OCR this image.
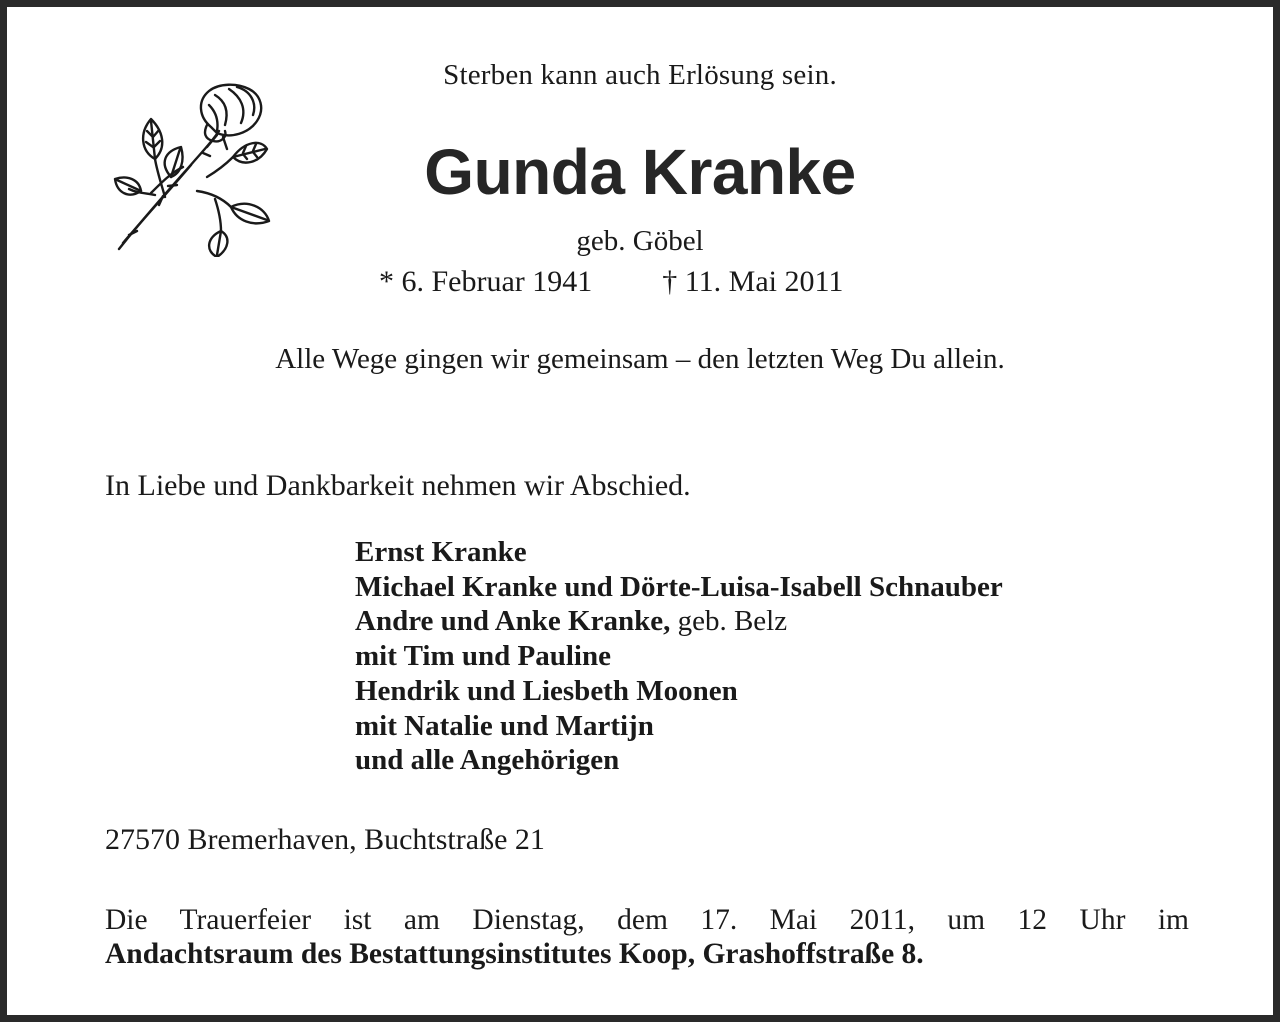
Sterben kann auch Erlösung sein.
Gunda Kranke
geb. Göbel
* 6. Februar 1941 † 11. Mai 2011
Alle Wege gingen wir gemeinsam – den letzten Weg Du allein.
In Liebe und Dankbarkeit nehmen wir Abschied.
Ernst Kranke
Michael Kranke und Dörte-Luisa-Isabell Schnauber
Andre und Anke Kranke, geb. Belz
mit Tim und Pauline
Hendrik und Liesbeth Moonen
mit Natalie und Martijn
und alle Angehörigen
27570 Bremerhaven, Buchtstraße 21
Die Trauerfeier ist am Dienstag, dem 17. Mai 2011, um 12 Uhr im
Andachtsraum des Bestattungsinstitutes Koop, Grashoffstraße 8.
